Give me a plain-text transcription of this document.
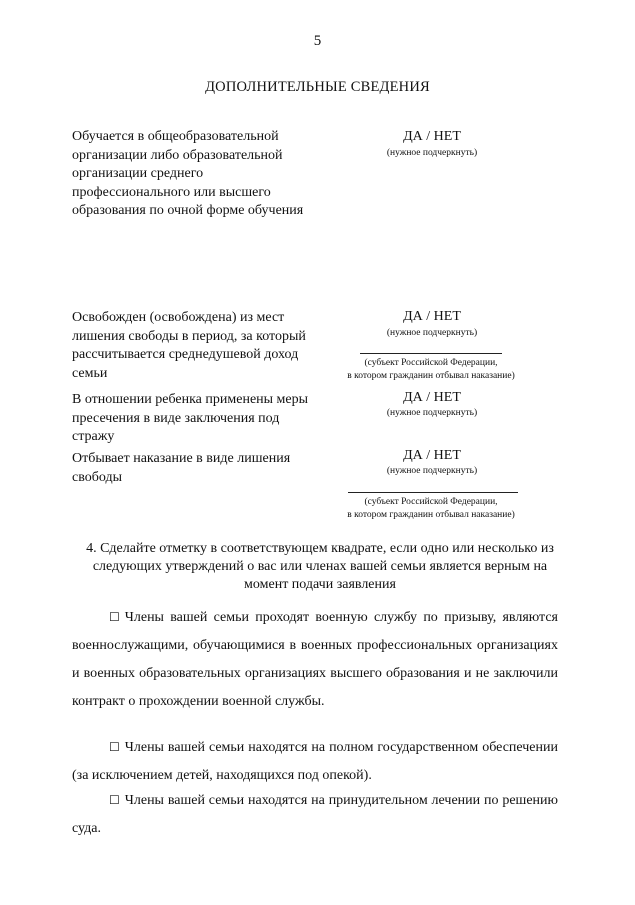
5
ДОПОЛНИТЕЛЬНЫЕ СВЕДЕНИЯ
Обучается в общеобразовательной организации либо образовательной организации среднего профессионального или высшего образования по очной форме обучения
ДА / НЕТ
(нужное подчеркнуть)
Освобожден (освобождена) из мест лишения свободы в период, за который рассчитывается среднедушевой доход семьи
ДА / НЕТ
(нужное подчеркнуть)
(субъект Российской Федерации,
в котором гражданин отбывал наказание)
В отношении ребенка применены меры пресечения в виде заключения под стражу
ДА / НЕТ
(нужное подчеркнуть)
Отбывает наказание в виде лишения свободы
ДА / НЕТ
(нужное подчеркнуть)
(субъект Российской Федерации,
в котором гражданин отбывал наказание)
4. Сделайте отметку в соответствующем квадрате, если одно или несколько из следующих утверждений о вас или членах вашей семьи является верным на момент подачи заявления

☐ Члены вашей семьи проходят военную службу по призыву, являются военнослужащими, обучающимися в военных профессиональных организациях и военных образовательных организациях высшего образования и не заключили контракт о прохождении военной службы.

☐ Члены вашей семьи находятся на полном государственном обеспечении (за исключением детей, находящихся под опекой).

☐ Члены вашей семьи находятся на принудительном лечении по решению суда.
